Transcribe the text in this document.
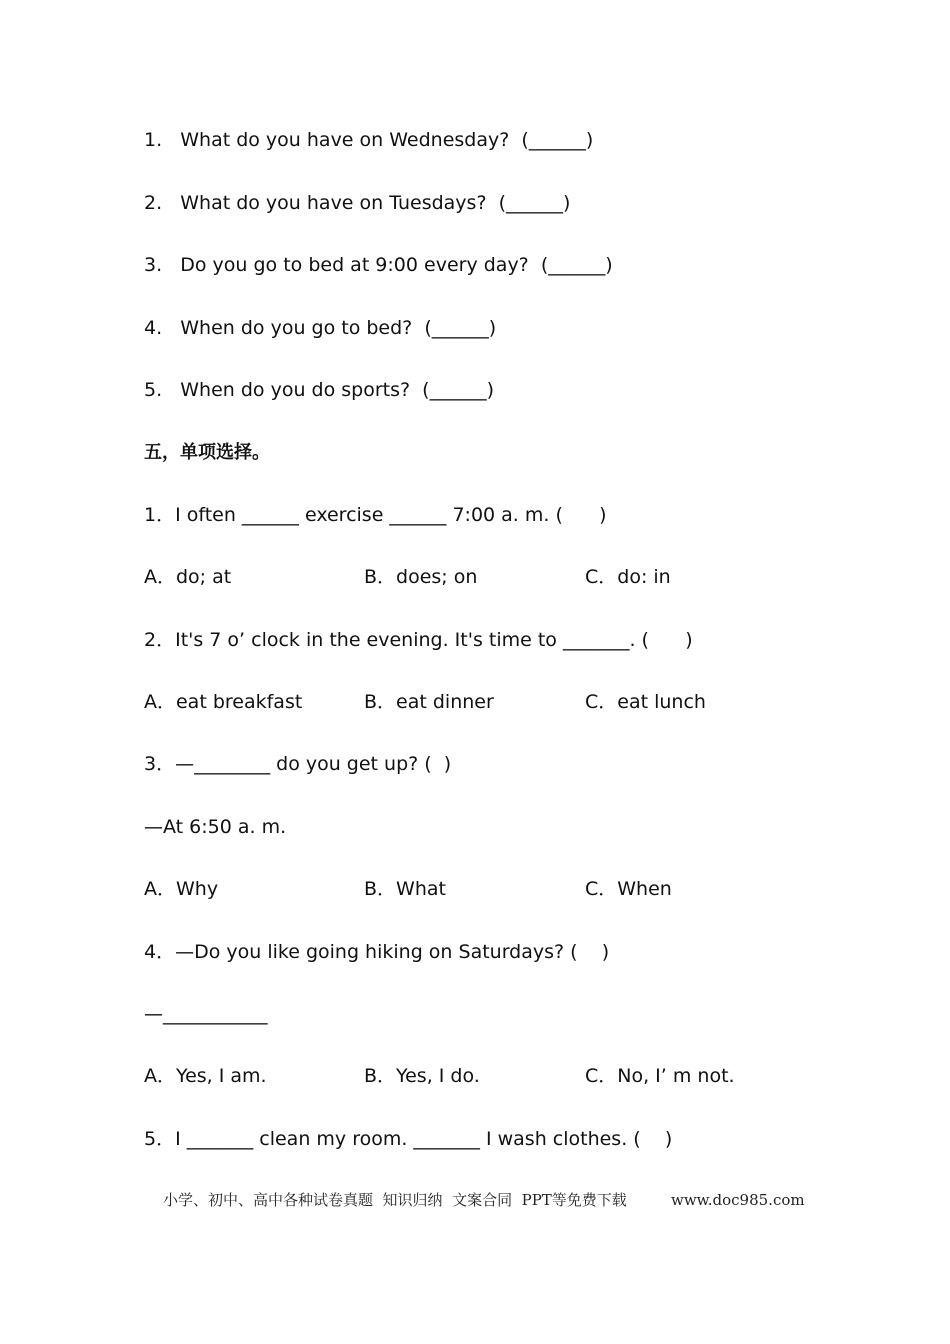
1.   What do you have on Wednesday?  (______)
2.   What do you have on Tuesdays?  (______)
3.   Do you go to bed at 9:00 every day?  (______)
4.   When do you go to bed?  (______)
5.   When do you do sports?  (______)
五，单项选择。
1．I often ______ exercise ______ 7:00 a. m. (      )
A．do; at	B．does; on	C．do: in
2．It's 7 o’ clock in the evening. It's time to _______. (      )
A．eat breakfast	B．eat dinner	C．eat lunch
3．—________ do you get up? (  )
—At 6:50 a. m.
A．Why	B．What	C．When
4．—Do you like going hiking on Saturdays? (    )
—___________
A．Yes, I am.	B．Yes, I do.	C．No, I’ m not.
5．I _______ clean my room. _______ I wash clothes. (    )
小学、初中、高中各种试卷真题  知识归纳  文案合同  PPT等免费下载	www.doc985.com
